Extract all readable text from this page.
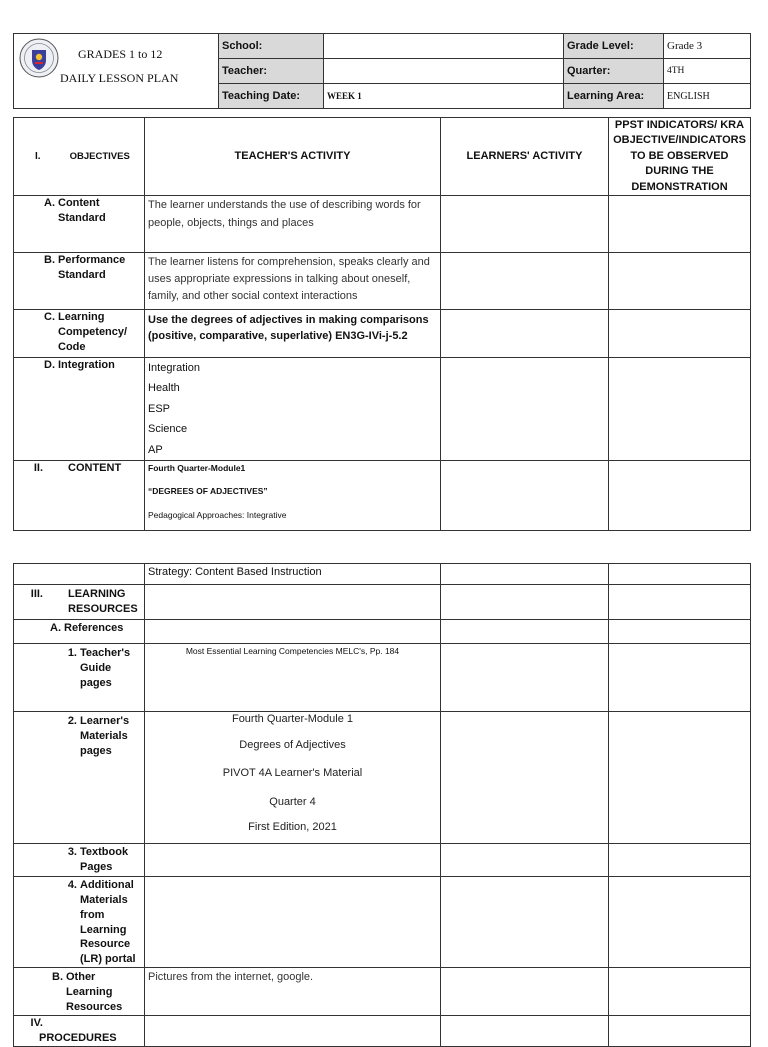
GRADES 1 to 12
DAILY LESSON PLAN	School:		Grade Level:	Grade 3
	Teacher:		Quarter:	4TH
	Teaching Date:	WEEK 1	Learning Area:	ENGLISH
I. OBJECTIVES	TEACHER'S ACTIVITY	LEARNERS' ACTIVITY	PPST INDICATORS/ KRA OBJECTIVE/INDICATORS TO BE OBSERVED DURING THE DEMONSTRATION
A. Content Standard	The learner understands the use of describing words for people, objects, things and places		
B. Performance Standard	The learner listens for comprehension, speaks clearly and uses appropriate expressions in talking about oneself, family, and other social context interactions		
C. Learning Competency/ Code	Use the degrees of adjectives in making comparisons (positive, comparative, superlative) EN3G-IVi-j-5.2		
D. Integration	Integration
Health
ESP
Science
AP		

II. CONTENT	Fourth Quarter-Module1
“DEGREES OF ADJECTIVES”
Pedagogical Approaches: Integrative		

	Strategy: Content Based Instruction		
III. LEARNING RESOURCES			
A. References			
1. Teacher's Guide pages	Most Essential Learning Competencies MELC's, Pp. 184		
2. Learner's Materials pages	Fourth Quarter-Module 1
Degrees of Adjectives
PIVOT 4A Learner's Material
Quarter 4
First Edition, 2021		

3. Textbook Pages			
4. Additional Materials from Learning Resource (LR) portal			
B. Other Learning Resources	Pictures from the internet, google.		
IV.PROCEDURES			
